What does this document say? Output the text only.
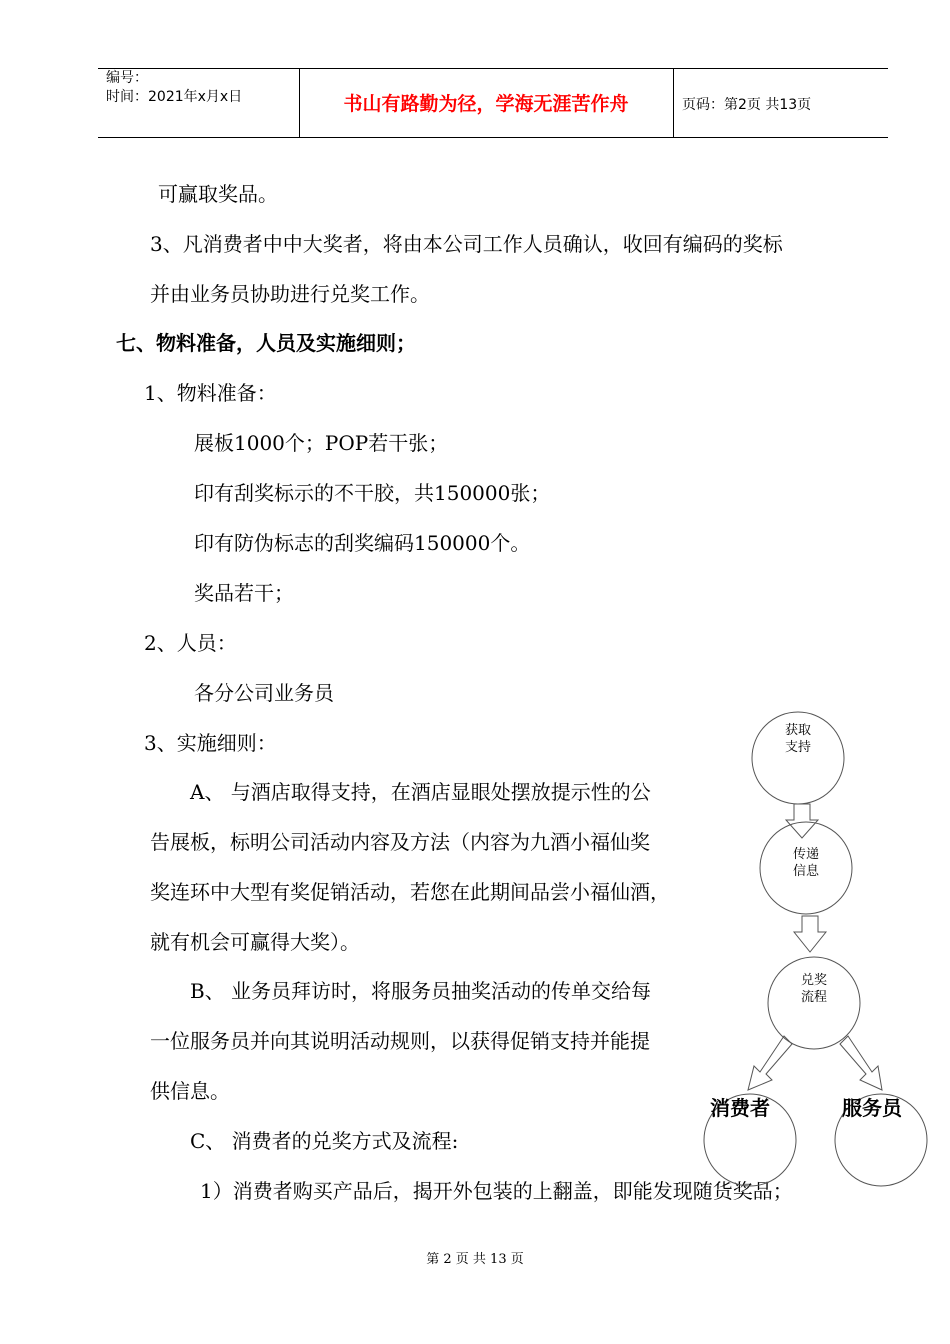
编号：
时间：2021年x月x日	书山有路勤为径，学海无涯苦作舟	页码：第2页 共13页
可赢取奖品。
3、凡消费者中中大奖者，将由本公司工作人员确认，收回有编码的奖标
并由业务员协助进行兑奖工作。
七、物料准备，人员及实施细则；
1、物料准备：
展板1000个；POP若干张；
印有刮奖标示的不干胶，共150000张；
印有防伪标志的刮奖编码150000个。
奖品若干；
2、人员：
各分公司业务员
3、实施细则：
A、 与酒店取得支持，在酒店显眼处摆放提示性的公
告展板，标明公司活动内容及方法（内容为九酒小福仙奖
奖连环中大型有奖促销活动，若您在此期间品尝小福仙酒，
就有机会可赢得大奖）。
B、 业务员拜访时，将服务员抽奖活动的传单交给每
一位服务员并向其说明活动规则，以获得促销支持并能提
供信息。
C、 消费者的兑奖方式及流程:
1）消费者购买产品后，揭开外包装的上翻盖，即能发现随货奖品；
获取
支持
传递
信息
兑奖
流程
消费者	服务员
第 2 页 共 13 页
